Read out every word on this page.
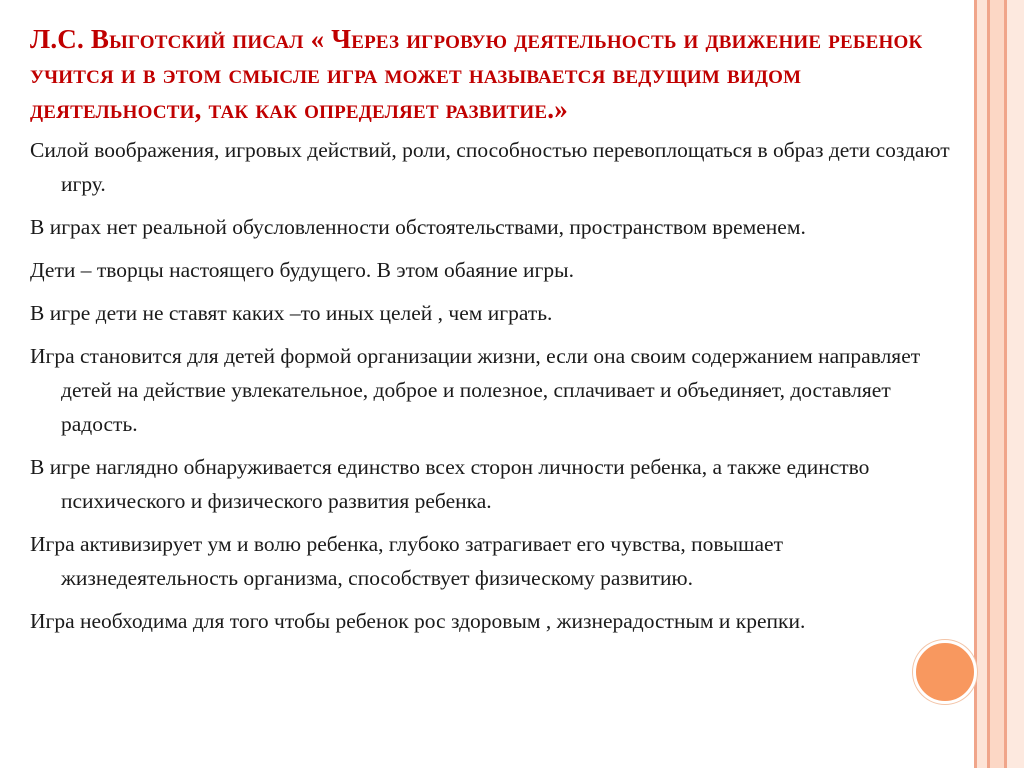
Л.С. Выготский писал « Через игровую деятельность и движение ребенок учится и в этом смысле игра может называется ведущим видом деятельности, так как определяет развитие.»

Силой воображения, игровых действий, роли, способностью перевоплощаться в образ дети создают игру.

В играх нет реальной обусловленности обстоятельствами, пространством временем.

Дети – творцы настоящего будущего. В этом обаяние игры.

В игре дети не ставят каких –то иных целей , чем играть.

Игра становится для детей формой организации жизни, если она своим содержанием направляет детей на действие увлекательное, доброе и полезное, сплачивает и объединяет, доставляет радость.

В игре наглядно обнаруживается единство всех сторон личности ребенка, а также единство психического и физического развития ребенка.

Игра активизирует ум и волю ребенка, глубоко затрагивает его чувства, повышает жизнедеятельность организма, способствует физическому развитию.

Игра необходима для того чтобы ребенок рос здоровым , жизнерадостным и крепки.
